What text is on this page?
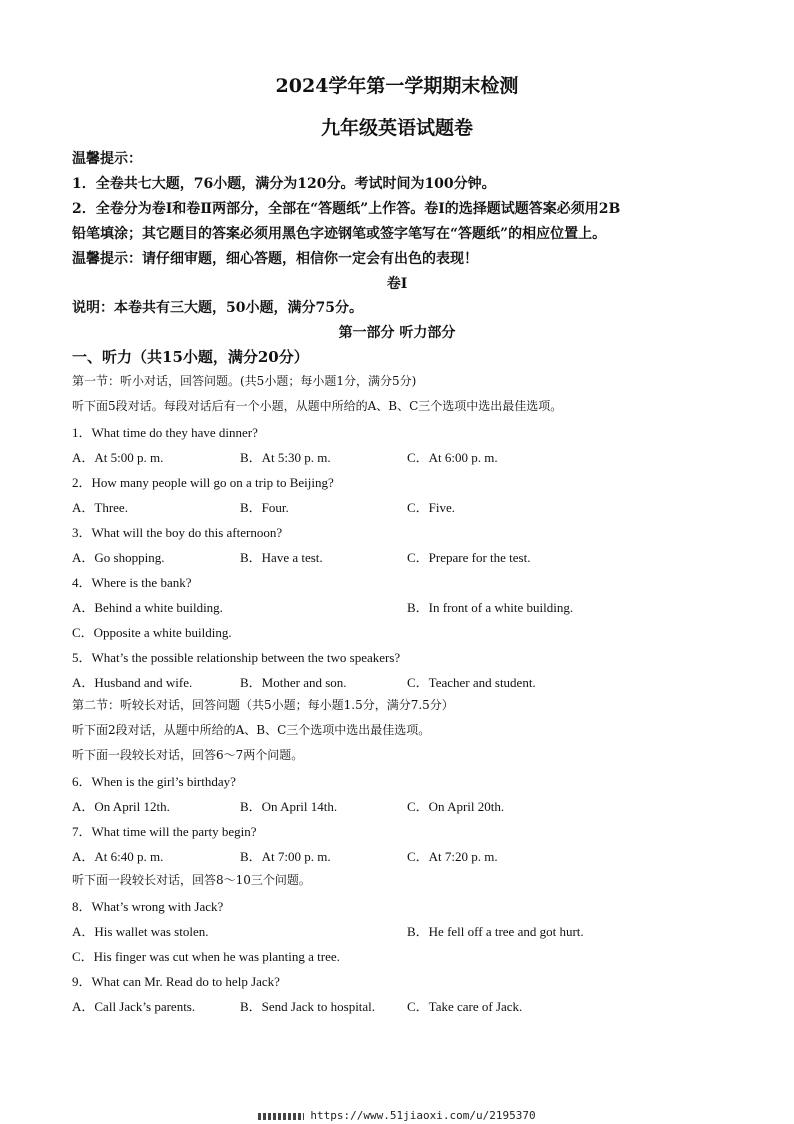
2024学年第一学期期末检测
九年级英语试题卷
温馨提示：
1．全卷共七大题，76小题，满分为120分。考试时间为100分钟。
2．全卷分为卷Ⅰ和卷Ⅱ两部分，全部在“答题纸”上作答。卷Ⅰ的选择题试题答案必须用2B
铅笔填涂；其它题目的答案必须用黑色字迹钢笔或签字笔写在“答题纸”的相应位置上。
温馨提示：请仔细审题，细心答题，相信你一定会有出色的表现！
卷Ⅰ
说明：本卷共有三大题，50小题，满分75分。
第一部分 听力部分
一、听力（共15小题，满分20分）
第一节：听小对话，回答问题。(共5小题；每小题1分，满分5分)
听下面5段对话。每段对话后有一个小题，从题中所给的A、B、C三个选项中选出最佳选项。
1．What time do they have dinner?
A．At 5:00 p. m.	B．At 5:30 p. m.	C．At 6:00 p. m.
2．How many people will go on a trip to Beijing?
A．Three.	B．Four.	C．Five.
3．What will the boy do this afternoon?
A．Go shopping.	B．Have a test.	C．Prepare for the test.
4．Where is the bank?
A．Behind a white building.	B．In front of a white building.
C．Opposite a white building.
5．What’s the possible relationship between the two speakers?
A．Husband and wife.	B．Mother and son.	C．Teacher and student.
第二节：听较长对话，回答问题（共5小题；每小题1.5分，满分7.5分）
听下面2段对话，从题中所给的A、B、C三个选项中选出最佳选项。
听下面一段较长对话，回答6～7两个问题。
6．When is the girl’s birthday?
A．On April 12th.	B．On April 14th.	C．On April 20th.
7．What time will the party begin?
A．At 6:40 p. m.	B．At 7:00 p. m.	C．At 7:20 p. m.
听下面一段较长对话，回答8～10三个问题。
8．What’s wrong with Jack?
A．His wallet was stolen.	B．He fell off a tree and got hurt.
C．His finger was cut when he was planting a tree.
9．What can Mr. Read do to help Jack?
A．Call Jack’s parents.	B．Send Jack to hospital. C．Take care of Jack.
https://www.51jiaoxi.com/u/2195370
